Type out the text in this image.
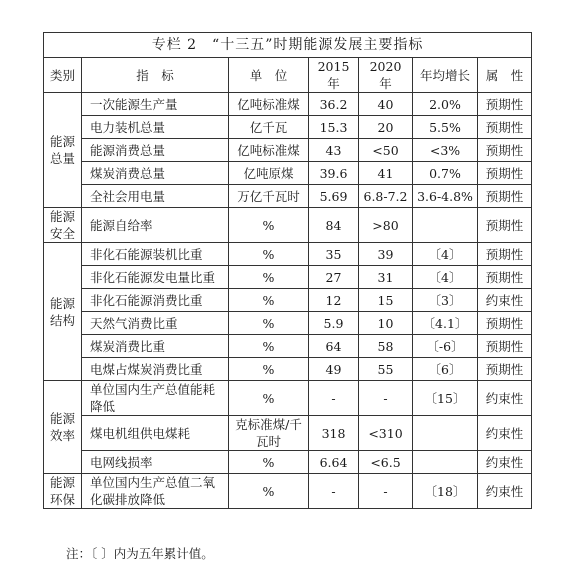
专栏 2　“十三五”时期能源发展主要指标						
类别	指　标	单　位	2015 年	2020 年	年均增长	属　性
能源总量	一次能源生产量	亿吨标准煤	36.2	40	2.0%	预期性
	电力装机总量	亿千瓦	15.3	20	5.5%	预期性
	能源消费总量	亿吨标准煤	43	<50	<3%	预期性
	煤炭消费总量	亿吨原煤	39.6	41	0.7%	预期性
	全社会用电量	万亿千瓦时	5.69	6.8-7.2	3.6-4.8%	预期性
能源安全	能源自给率	%	84	>80		预期性
能源结构	非化石能源装机比重	%	35	39	〔4〕	预期性
	非化石能源发电量比重	%	27	31	〔4〕	预期性
	非化石能源消费比重	%	12	15	〔3〕	约束性
	天然气消费比重	%	5.9	10	〔4.1〕	预期性
	煤炭消费比重	%	64	58	〔-6〕	预期性
	电煤占煤炭消费比重	%	49	55	〔6〕	预期性
能源效率	单位国内生产总值能耗降低	%	-	-	〔15〕	约束性
	煤电机组供电煤耗	克标准煤/千瓦时	318	<310		约束性
	电网线损率	%	6.64	<6.5		约束性
能源环保	单位国内生产总值二氧化碳排放降低	%	-	-	〔18〕	约束性
注：〔 〕内为五年累计值。
